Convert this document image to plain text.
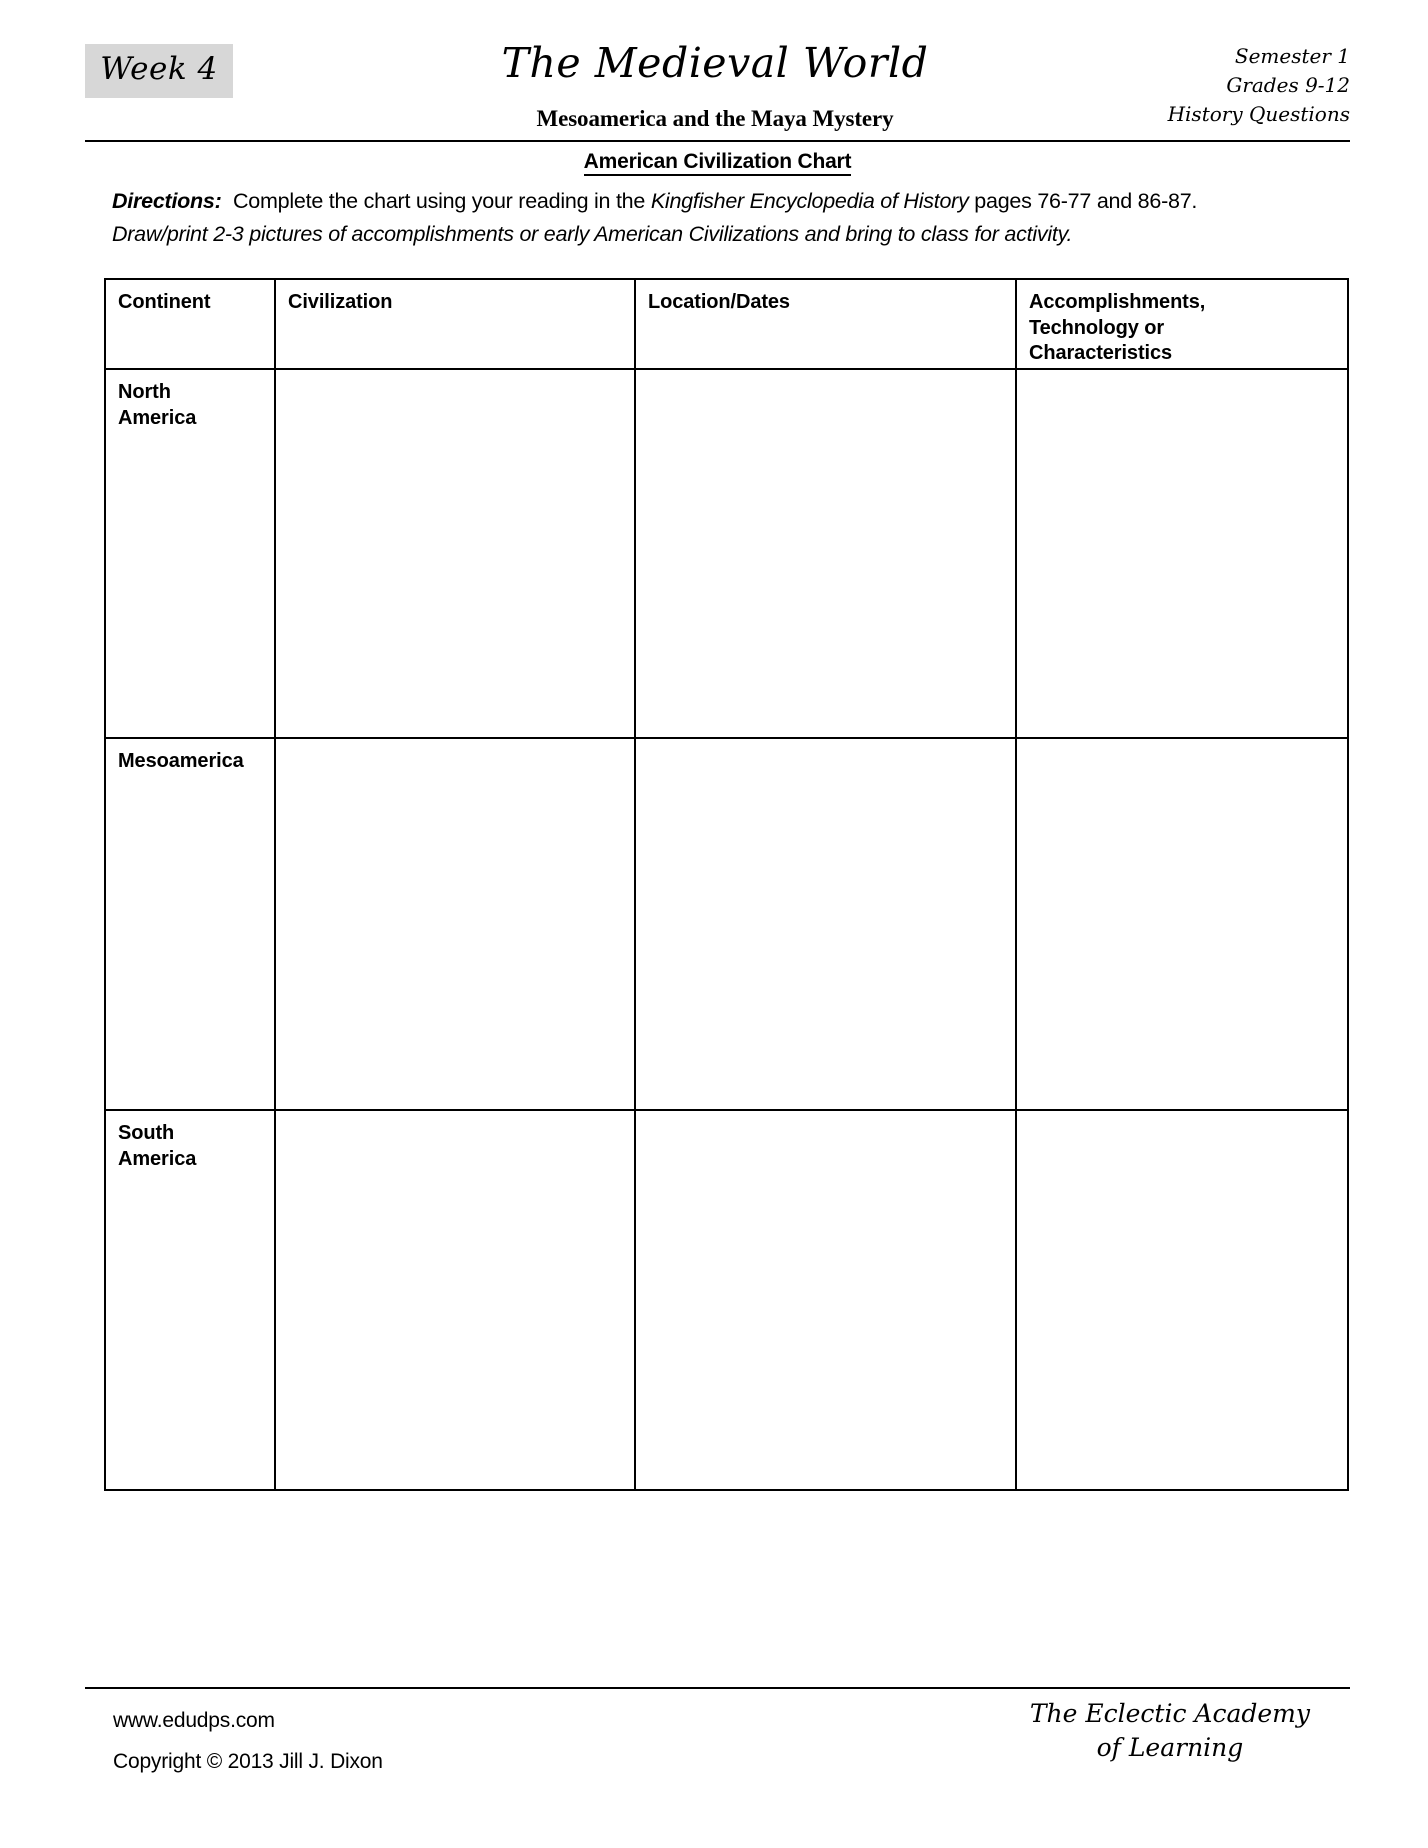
Week 4	The Medieval World
Mesoamerica and the Maya Mystery
Semester 1
Grades 9-12
History Questions
American Civilization Chart
Directions: Complete the chart using your reading in the Kingfisher Encyclopedia of History pages 76-77 and 86-87.
Draw/print 2-3 pictures of accomplishments or early American Civilizations and bring to class for activity.
Continent	Civilization	Location/Dates	Accomplishments,
Technology or
Characteristics

North
America			

Mesoamerica			

South
America			

www.edudps.com
Copyright © 2013 Jill J. Dixon
The Eclectic Academy
of Learning
